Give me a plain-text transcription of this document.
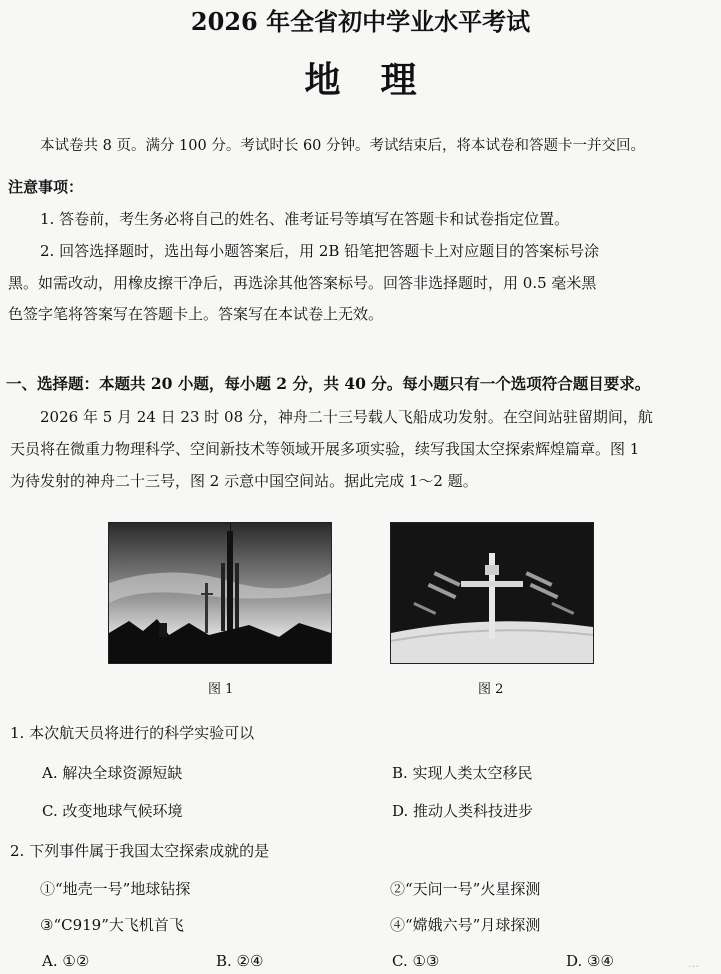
2026 年全省初中学业水平考试
地理
本试卷共 8 页。满分 100 分。考试时长 60 分钟。考试结束后，将本试卷和答题卡一并交回。
注意事项：
1. 答卷前，考生务必将自己的姓名、准考证号等填写在答题卡和试卷指定位置。
2. 回答选择题时，选出每小题答案后，用 2B 铅笔把答题卡上对应题目的答案标号涂
黑。如需改动，用橡皮擦干净后，再选涂其他答案标号。回答非选择题时，用 0.5 毫米黑
色签字笔将答案写在答题卡上。答案写在本试卷上无效。
一、选择题：本题共 20 小题，每小题 2 分，共 40 分。每小题只有一个选项符合题目要求。
2026 年 5 月 24 日 23 时 08 分，神舟二十三号载人飞船成功发射。在空间站驻留期间，航
天员将在微重力物理科学、空间新技术等领域开展多项实验，续写我国太空探索辉煌篇章。图 1
为待发射的神舟二十三号，图 2 示意中国空间站。据此完成 1～2 题。
图 1	图 2
1. 本次航天员将进行的科学实验可以
A. 解决全球资源短缺	B. 实现人类太空移民
C. 改变地球气候环境	D. 推动人类科技进步
2. 下列事件属于我国太空探索成就的是
①“地壳一号”地球钻探	②“天问一号”火星探测
③“C919”大飞机首飞	④“嫦娥六号”月球探测
A. ①②	B. ②④	C. ①③	D. ③④	…
